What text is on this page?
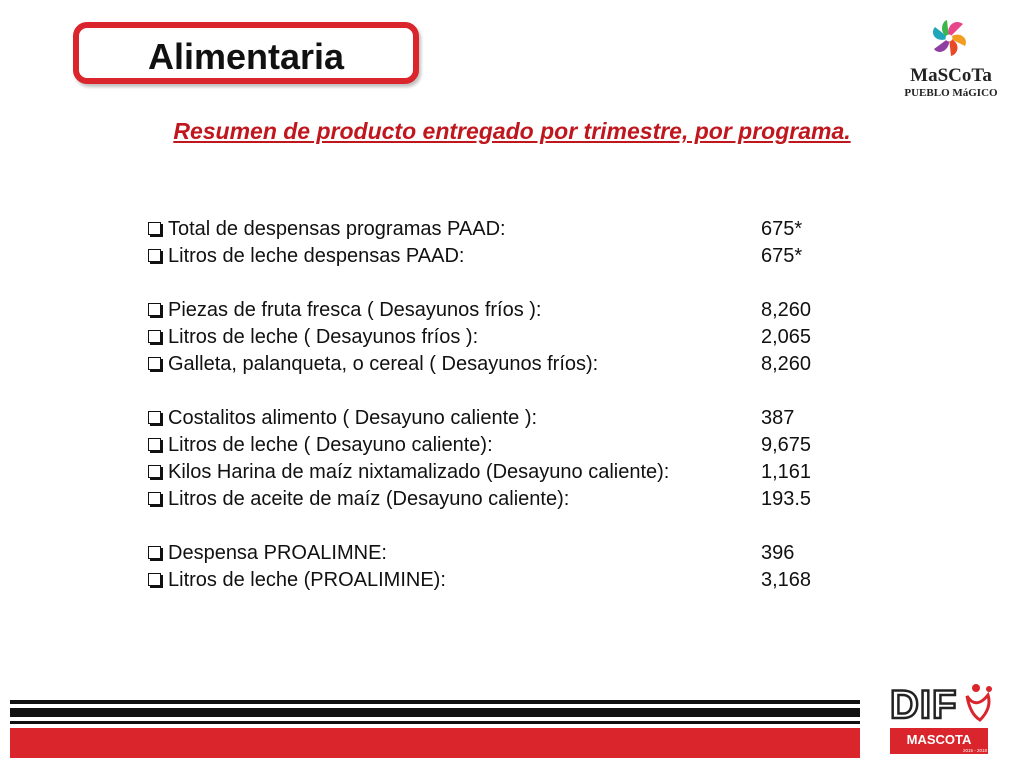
Alimentaria	MaSCoTa
PUEBLO MáGICO
Resumen de producto entregado por trimestre, por programa.
Total de despensas programas PAAD:	675*
Litros de leche despensas PAAD:	675*
Piezas de fruta fresca ( Desayunos fríos ):	8,260
Litros de leche ( Desayunos fríos ):	2,065
Galleta, palanqueta, o cereal ( Desayunos fríos):	8,260
Costalitos alimento ( Desayuno caliente ):	387
Litros de leche ( Desayuno caliente):	9,675
Kilos Harina de maíz nixtamalizado (Desayuno caliente):	1,161
Litros de aceite de maíz (Desayuno caliente):	193.5
Despensa PROALIMNE:	396
Litros de leche (PROALIMINE):	3,168
DIF
MASCOTA
2015 - 2018
